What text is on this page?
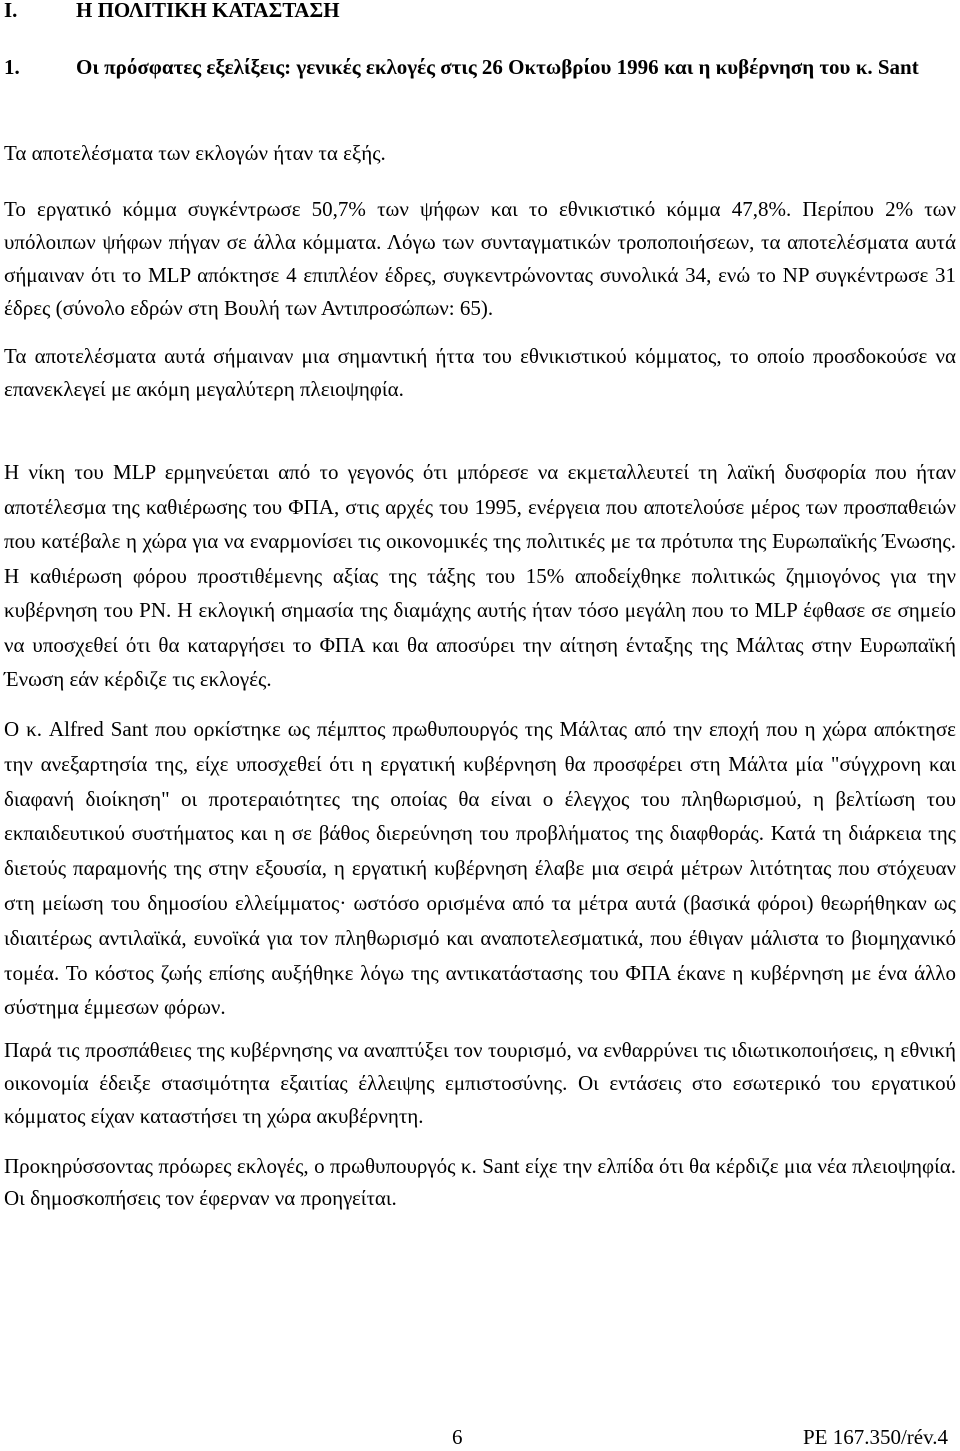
I.	Η ΠΟΛΙΤΙΚΗ ΚΑΤΑΣΤΑΣΗ
1.	Οι πρόσφατες εξελίξεις: γενικές εκλογές στις 26 Οκτωβρίου 1996 και η κυβέρνηση του κ. Sant

Τα αποτελέσματα των εκλογών ήταν τα εξής.

Το εργατικό κόμμα συγκέντρωσε 50,7% των ψήφων και το εθνικιστικό κόμμα 47,8%. Περίπου 2% των υπόλοιπων ψήφων πήγαν σε άλλα κόμματα. Λόγω των συνταγματικών τροποποιήσεων, τα αποτελέσματα αυτά σήμαιναν ότι το MLP απόκτησε 4 επιπλέον έδρες, συγκεντρώνοντας συνολικά 34, ενώ το NP συγκέντρωσε 31 έδρες (σύνολο εδρών στη Βουλή των Αντιπροσώπων: 65).

Τα αποτελέσματα αυτά σήμαιναν μια σημαντική ήττα του εθνικιστικού κόμματος, το οποίο προσδοκούσε να επανεκλεγεί με ακόμη μεγαλύτερη πλειοψηφία.

Η νίκη του MLP ερμηνεύεται από το γεγονός ότι μπόρεσε να εκμεταλλευτεί τη λαϊκή δυσφορία που ήταν αποτέλεσμα της καθιέρωσης του ΦΠΑ, στις αρχές του 1995, ενέργεια που αποτελούσε μέρος των προσπαθειών που κατέβαλε η χώρα για να εναρμονίσει τις οικονομικές της πολιτικές με τα πρότυπα της Ευρωπαϊκής Ένωσης. Η καθιέρωση φόρου προστιθέμενης αξίας της τάξης του 15% αποδείχθηκε πολιτικώς ζημιογόνος για την κυβέρνηση του PN. Η εκλογική σημασία της διαμάχης αυτής ήταν τόσο μεγάλη που το MLP έφθασε σε σημείο να υποσχεθεί ότι θα καταργήσει το ΦΠΑ και θα αποσύρει την αίτηση ένταξης της Μάλτας στην Ευρωπαϊκή Ένωση εάν κέρδιζε τις εκλογές.

Ο κ. Alfred Sant που ορκίστηκε ως πέμπτος πρωθυπουργός της Μάλτας από την εποχή που η χώρα απόκτησε την ανεξαρτησία της, είχε υποσχεθεί ότι η εργατική κυβέρνηση θα προσφέρει στη Μάλτα μία "σύγχρονη και διαφανή διοίκηση" οι προτεραιότητες της οποίας θα είναι ο έλεγχος του πληθωρισμού, η βελτίωση του εκπαιδευτικού συστήματος και η σε βάθος διερεύνηση του προβλήματος της διαφθοράς. Κατά τη διάρκεια της διετούς παραμονής της στην εξουσία, η εργατική κυβέρνηση έλαβε μια σειρά μέτρων λιτότητας που στόχευαν στη μείωση του δημοσίου ελλείμματος· ωστόσο ορισμένα από τα μέτρα αυτά (βασικά φόροι) θεωρήθηκαν ως ιδιαιτέρως αντιλαϊκά, ευνοϊκά για τον πληθωρισμό και αναποτελεσματικά, που έθιγαν μάλιστα το βιομηχανικό τομέα. Το κόστος ζωής επίσης αυξήθηκε λόγω της αντικατάστασης του ΦΠΑ έκανε η κυβέρνηση με ένα άλλο σύστημα έμμεσων φόρων.

Παρά τις προσπάθειες της κυβέρνησης να αναπτύξει τον τουρισμό, να ενθαρρύνει τις ιδιωτικοποιήσεις, η εθνική οικονομία έδειξε στασιμότητα εξαιτίας έλλειψης εμπιστοσύνης. Οι εντάσεις στο εσωτερικό του εργατικού κόμματος είχαν καταστήσει τη χώρα ακυβέρνητη.

Προκηρύσσοντας πρόωρες εκλογές, ο πρωθυπουργός κ. Sant είχε την ελπίδα ότι θα κέρδιζε μια νέα πλειοψηφία. Οι δημοσκοπήσεις τον έφερναν να προηγείται.

6	PE 167.350/rév.4
